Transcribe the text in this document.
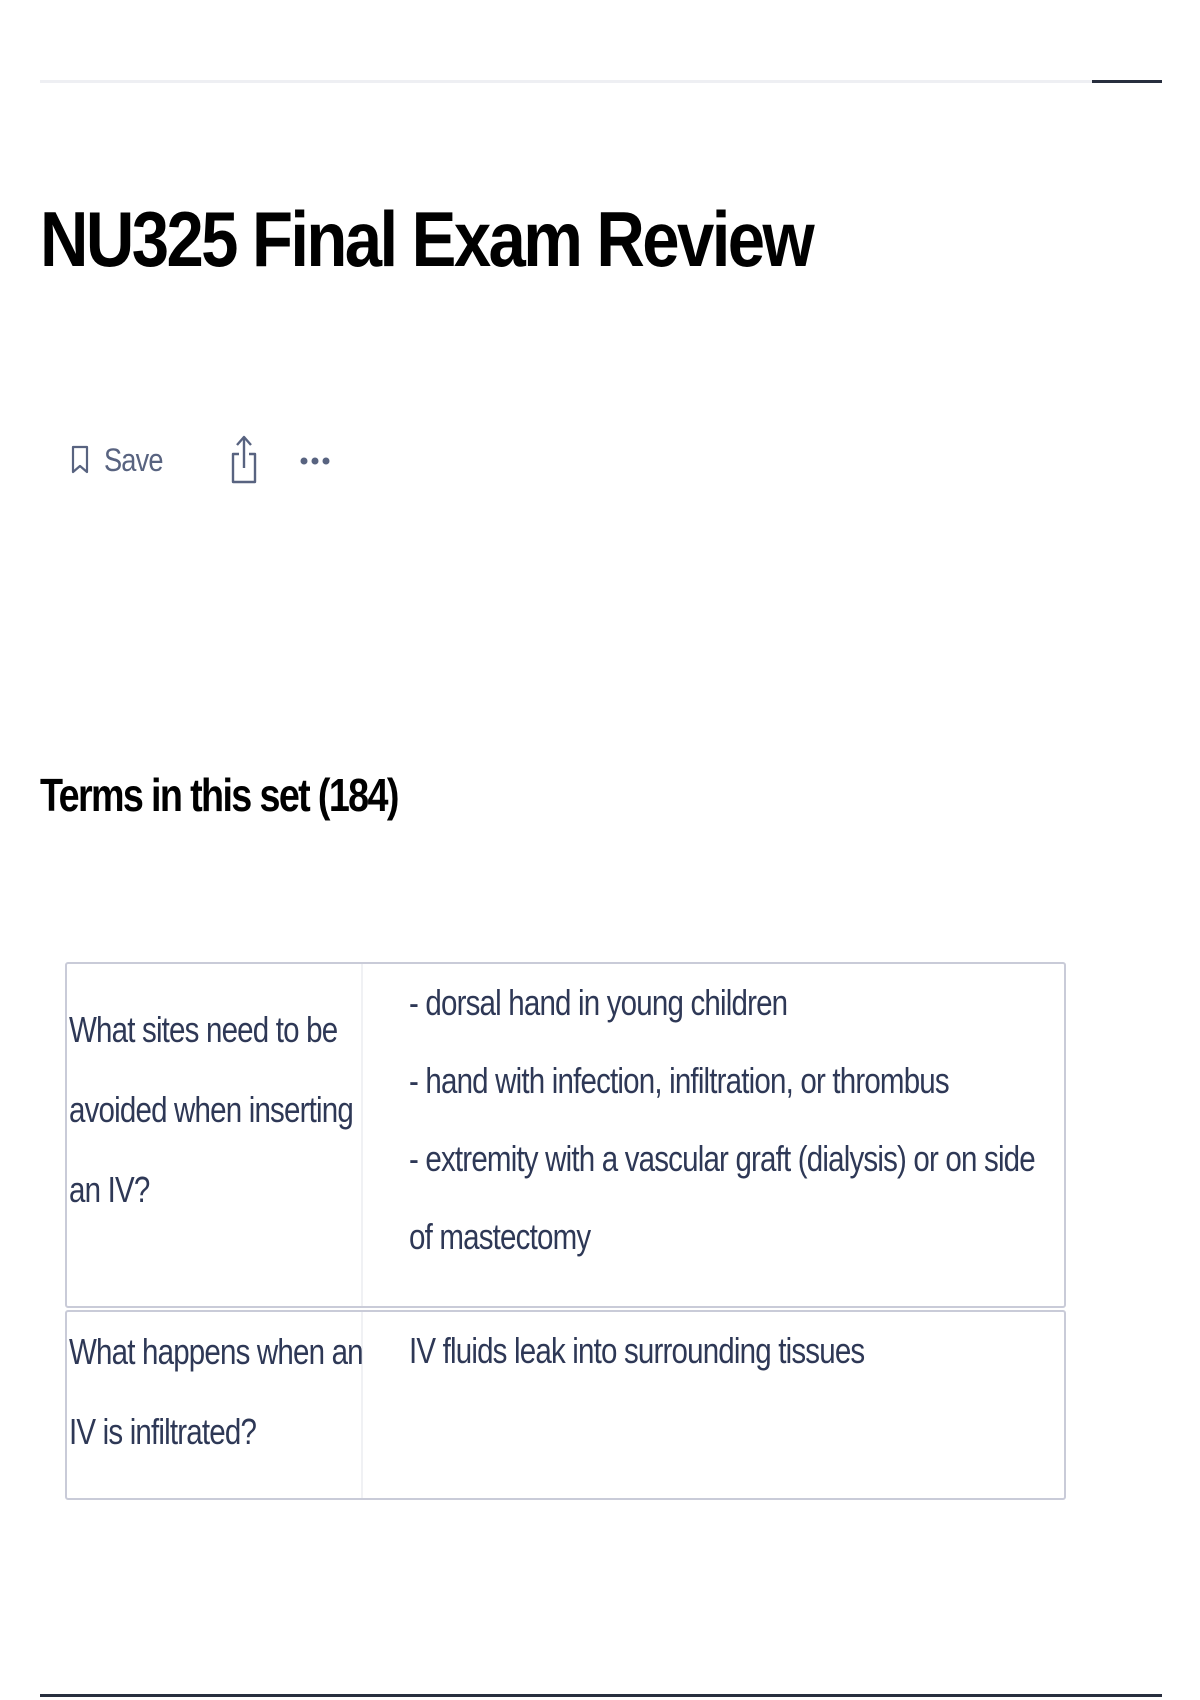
NU325 Final Exam Review
Save
Terms in this set (184)
What sites need to be
avoided when inserting
an IV?
- dorsal hand in young children
- hand with infection, infiltration, or thrombus
- extremity with a vascular graft (dialysis) or on side
of mastectomy
What happens when an
IV is infiltrated?
IV fluids leak into surrounding tissues
